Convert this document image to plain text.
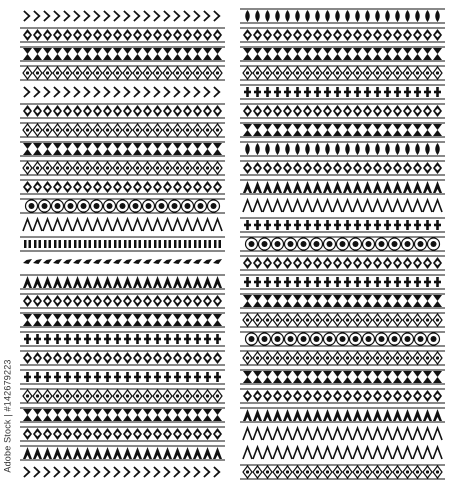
Adobe Stock | #142679223
